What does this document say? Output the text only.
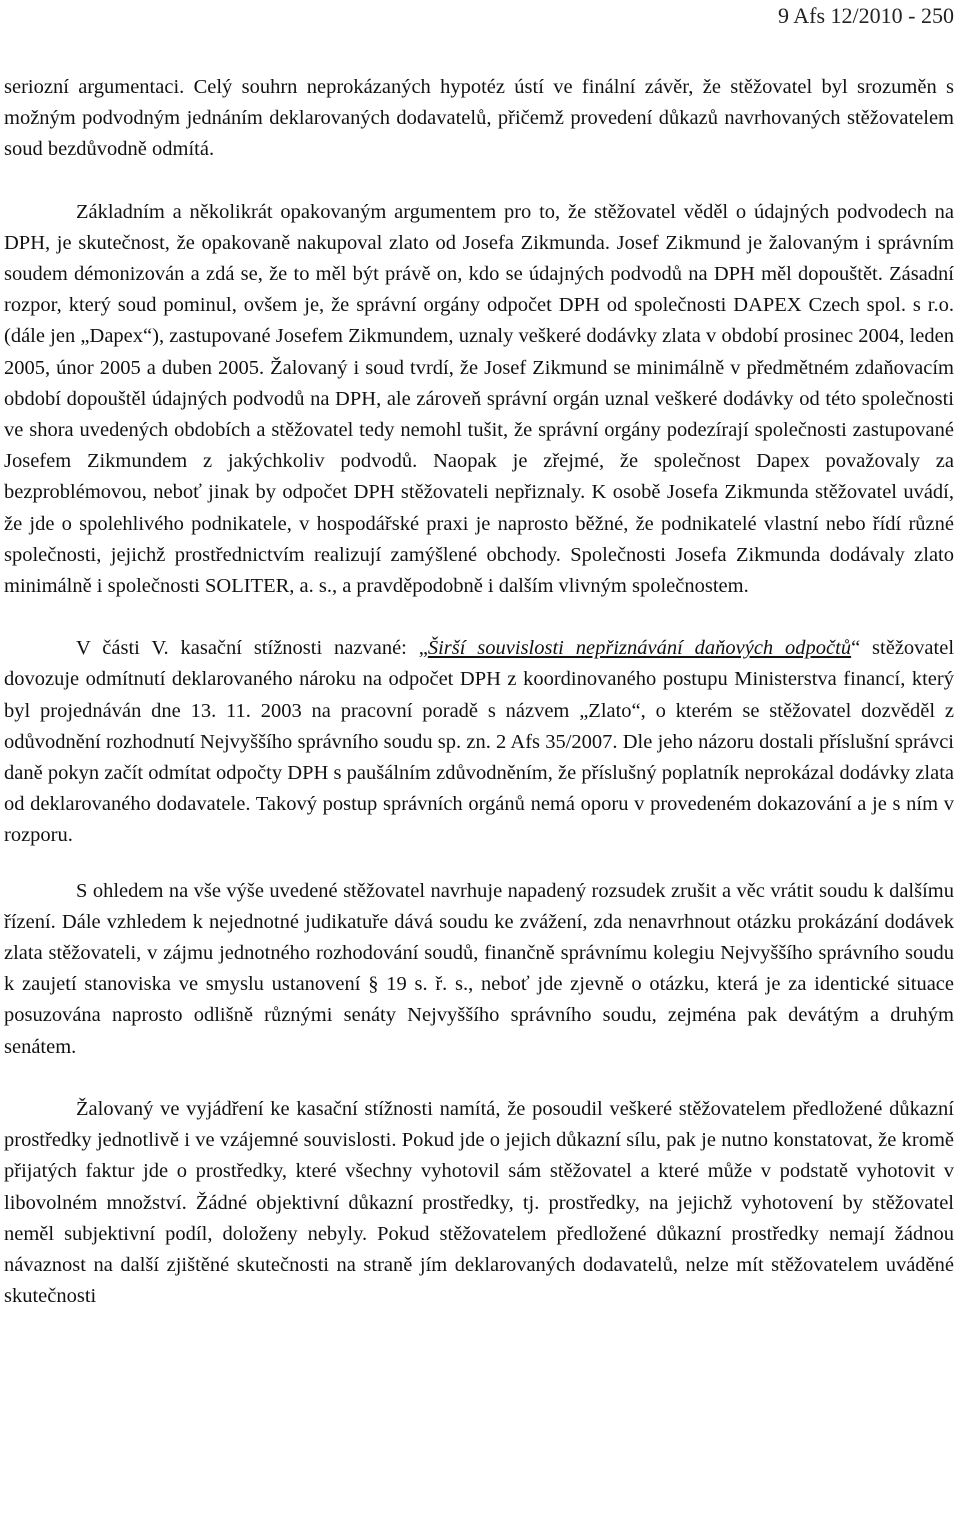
9 Afs 12/2010 - 250

seriozní argumentaci. Celý souhrn neprokázaných hypotéz ústí ve finální závěr, že stěžovatel byl srozuměn s možným podvodným jednáním deklarovaných dodavatelů, přičemž provedení důkazů navrhovaných stěžovatelem soud bezdůvodně odmítá.

Základním a několikrát opakovaným argumentem pro to, že stěžovatel věděl o údajných podvodech na DPH, je skutečnost, že opakovaně nakupoval zlato od Josefa Zikmunda. Josef Zikmund je žalovaným i správním soudem démonizován a zdá se, že to měl být právě on, kdo se údajných podvodů na DPH měl dopouštět. Zásadní rozpor, který soud pominul, ovšem je, že správní orgány odpočet DPH od společnosti DAPEX Czech spol. s r.o. (dále jen „Dapex“), zastupované Josefem Zikmundem, uznaly veškeré dodávky zlata v období prosinec 2004, leden 2005, únor 2005 a duben 2005. Žalovaný i soud tvrdí, že Josef Zikmund se minimálně v předmětném zdaňovacím období dopouštěl údajných podvodů na DPH, ale zároveň správní orgán uznal veškeré dodávky od této společnosti ve shora uvedených obdobích a stěžovatel tedy nemohl tušit, že správní orgány podezírají společnosti zastupované Josefem Zikmundem z jakýchkoliv podvodů. Naopak je zřejmé, že společnost Dapex považovaly za bezproblémovou, neboť jinak by odpočet DPH stěžovateli nepřiznaly. K osobě Josefa Zikmunda stěžovatel uvádí, že jde o spolehlivého podnikatele, v hospodářské praxi je naprosto běžné, že podnikatelé vlastní nebo řídí různé společnosti, jejichž prostřednictvím realizují zamýšlené obchody. Společnosti Josefa Zikmunda dodávaly zlato minimálně i společnosti SOLITER, a. s., a pravděpodobně i dalším vlivným společnostem.

V části V. kasační stížnosti nazvané: „Širší souvislosti nepřiznávání daňových odpočtů“ stěžovatel dovozuje odmítnutí deklarovaného nároku na odpočet DPH z koordinovaného postupu Ministerstva financí, který byl projednáván dne 13. 11. 2003 na pracovní poradě s názvem „Zlato“, o kterém se stěžovatel dozvěděl z odůvodnění rozhodnutí Nejvyššího správního soudu sp. zn. 2 Afs 35/2007. Dle jeho názoru dostali příslušní správci daně pokyn začít odmítat odpočty DPH s paušálním zdůvodněním, že příslušný poplatník neprokázal dodávky zlata od deklarovaného dodavatele. Takový postup správních orgánů nemá oporu v provedeném dokazování a je s ním v rozporu.

S ohledem na vše výše uvedené stěžovatel navrhuje napadený rozsudek zrušit a věc vrátit soudu k dalšímu řízení. Dále vzhledem k nejednotné judikatuře dává soudu ke zvážení, zda nenavrhnout otázku prokázání dodávek zlata stěžovateli, v zájmu jednotného rozhodování soudů, finančně správnímu kolegiu Nejvyššího správního soudu k zaujetí stanoviska ve smyslu ustanovení § 19 s. ř. s., neboť jde zjevně o otázku, která je za identické situace posuzována naprosto odlišně různými senáty Nejvyššího správního soudu, zejména pak devátým a druhým senátem.

Žalovaný ve vyjádření ke kasační stížnosti namítá, že posoudil veškeré stěžovatelem předložené důkazní prostředky jednotlivě i ve vzájemné souvislosti. Pokud jde o jejich důkazní sílu, pak je nutno konstatovat, že kromě přijatých faktur jde o prostředky, které všechny vyhotovil sám stěžovatel a které může v podstatě vyhotovit v libovolném množství. Žádné objektivní důkazní prostředky, tj. prostředky, na jejichž vyhotovení by stěžovatel neměl subjektivní podíl, doloženy nebyly. Pokud stěžovatelem předložené důkazní prostředky nemají žádnou návaznost na další zjištěné skutečnosti na straně jím deklarovaných dodavatelů, nelze mít stěžovatelem uváděné skutečnosti
